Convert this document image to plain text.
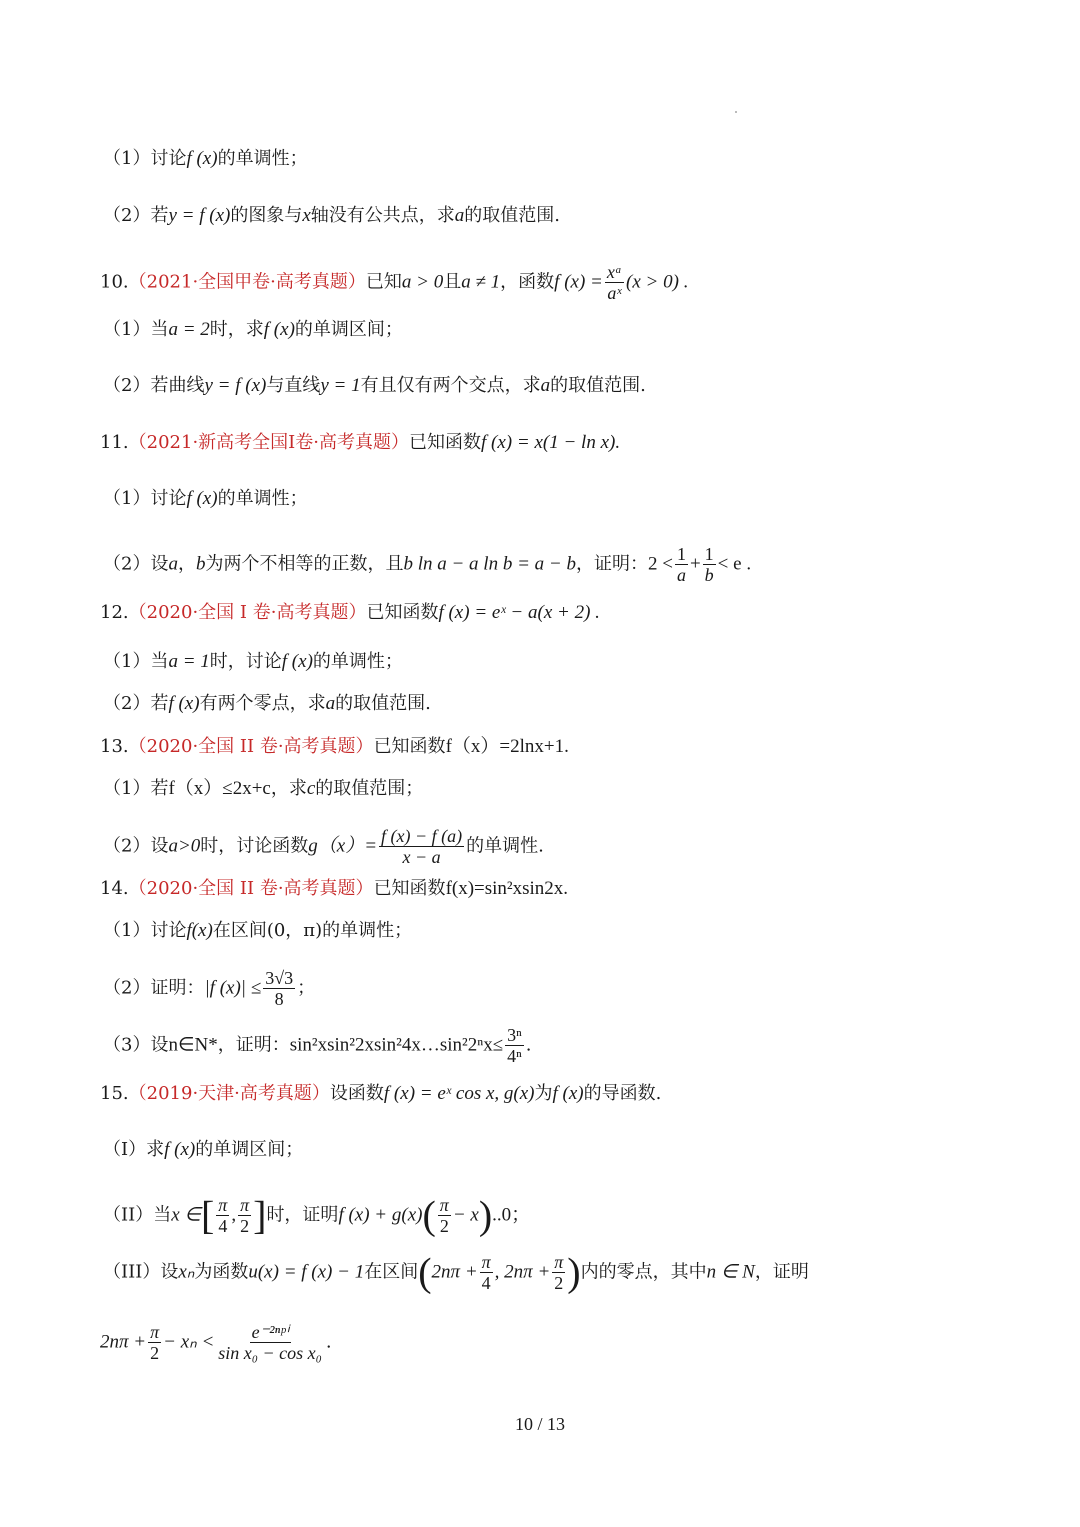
（1）讨论f (x)的单调性；
（2）若y = f (x)的图象与x轴没有公共点，求a的取值范围.
10.（2021·全国甲卷·高考真题）已知a > 0且a ≠ 1，函数f $(x) = \frac{\text{xᵃ}}{\text{aˣ}} (x > 0)$ .
（1）当a = 2时，求f (x)的单调区间；
（2）若曲线y = f (x)与直线y = 1有且仅有两个交点，求a的取值范围.
11.（2021·新高考全国Ⅰ卷·高考真题）已知函数f (x) = x(1 − ln x).
（1）讨论f (x)的单调性；
（2）设a，b为两个不相等的正数，且b ln a − a ln b = a − b，证明：$2 < \frac{1}{a} + \frac{1}{b} < e$ .
12.（2020·全国 I 卷·高考真题）已知函数f (x) = eˣ − a(x + 2) .
（1）当a = 1时，讨论f (x)的单调性；
（2）若f (x)有两个零点，求a的取值范围.
13.（2020·全国 II 卷·高考真题）已知函数f（x）=2lnx+1.
（1）若f（x）≤2x+c，求c的取值范围；
（2）设a>0时，讨论函数$g(x)= \frac{f (x) - f (a)}{x - a}$ 的单调性.
14.（2020·全国 II 卷·高考真题）已知函数f(x)=sin²xsin2x.
（1）讨论f(x)在区间(0，π)的单调性；
（2）证明：|f $(x)| \le \frac{3√3}{8}$ ；
（3）设n∈N*，证明：sin²xsin²2xsin²4x…sin²2ⁿx≤ $\frac{\text{3ⁿ}}{\text{4ⁿ}}$ .
15.（2019·天津·高考真题）设函数f (x) = eˣ cos x, g(x)为f (x)的导函数.
（I）求f (x)的单调区间；
（II）当x ∈[ $\frac{\pi}{4}$ , $\frac{\pi}{2}$ ]时，证明f $(x) + g(x)( \frac{\pi}{2} - x)..0$；
（III）设xₙ为函数u(x) = f (x) − 1在区间($2n\pi + \frac{\pi}{4}$ , $2n\pi + \frac{\pi}{2}$ )内的零点，其中n ∈ N，证明
$2n\pi + \frac{\pi}{2} - x_n < \frac{\text{e⁻²ⁿᵖⁱ}}{\text{sin x₀ − cos x₀}}$ .
10 / 13
